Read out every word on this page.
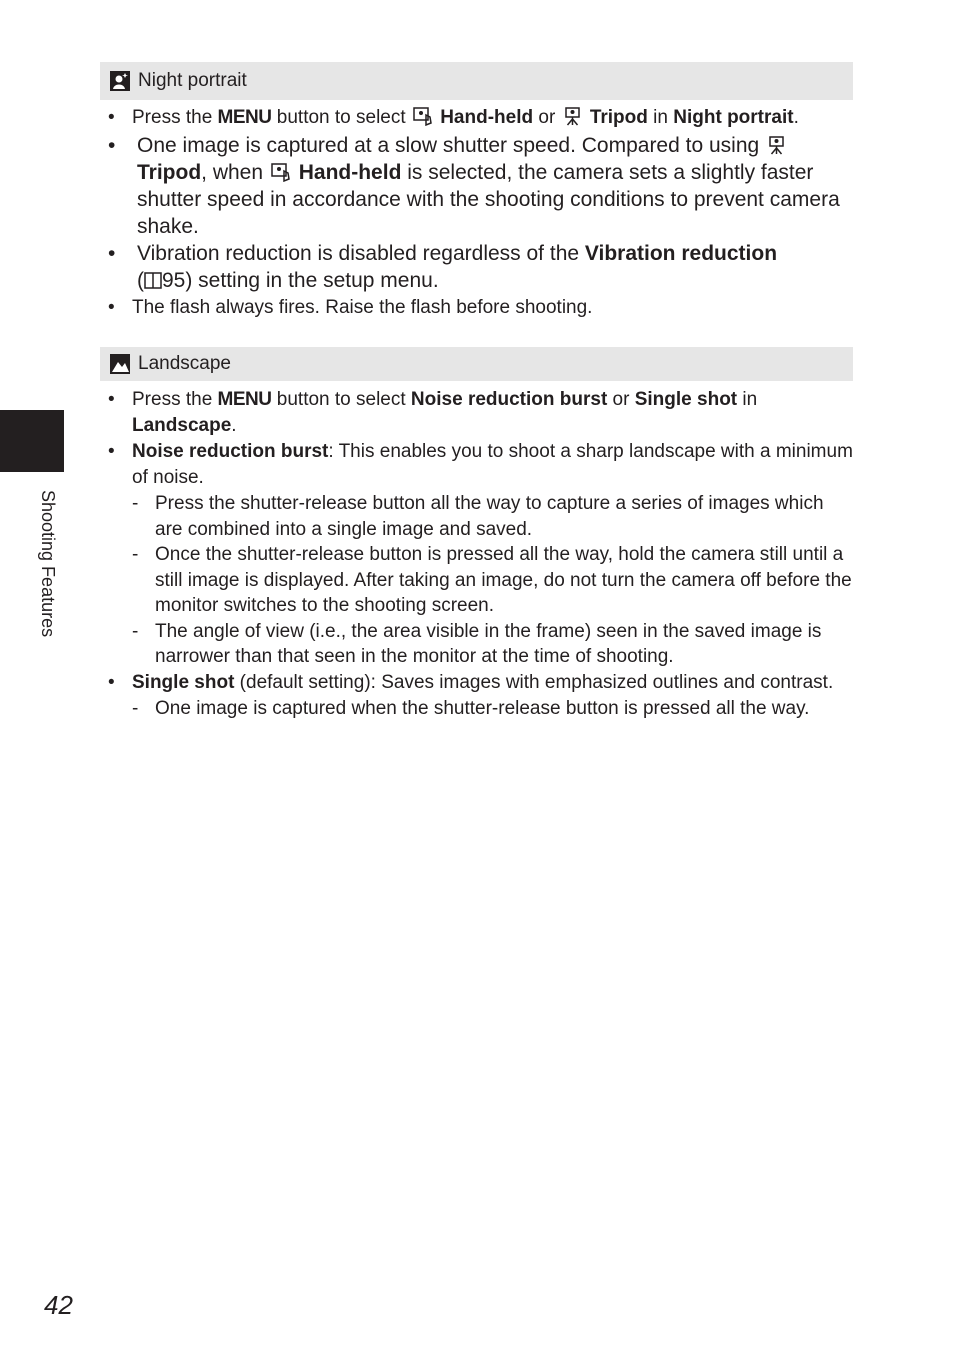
Night portrait
• Press the MENU button to select  Hand-held or  Tripod in Night portrait.
• One image is captured at a slow shutter speed. Compared to using  Tripod, when  Hand-held is selected, the camera sets a slightly faster shutter speed in accordance with the shooting conditions to prevent camera shake.
• Vibration reduction is disabled regardless of the Vibration reduction
( 95) setting in the setup menu.
• The flash always fires. Raise the flash before shooting.
Landscape
• Press the MENU button to select Noise reduction burst or Single shot in
Landscape.
• Noise reduction burst: This enables you to shoot a sharp landscape with a minimum of noise.
- Press the shutter-release button all the way to capture a series of images which are combined into a single image and saved.
- Once the shutter-release button is pressed all the way, hold the camera still until a still image is displayed. After taking an image, do not turn the camera off before the monitor switches to the shooting screen.
- The angle of view (i.e., the area visible in the frame) seen in the saved image is narrower than that seen in the monitor at the time of shooting.
• Single shot (default setting): Saves images with emphasized outlines and contrast.
- One image is captured when the shutter-release button is pressed all the way.
Shooting Features
42
